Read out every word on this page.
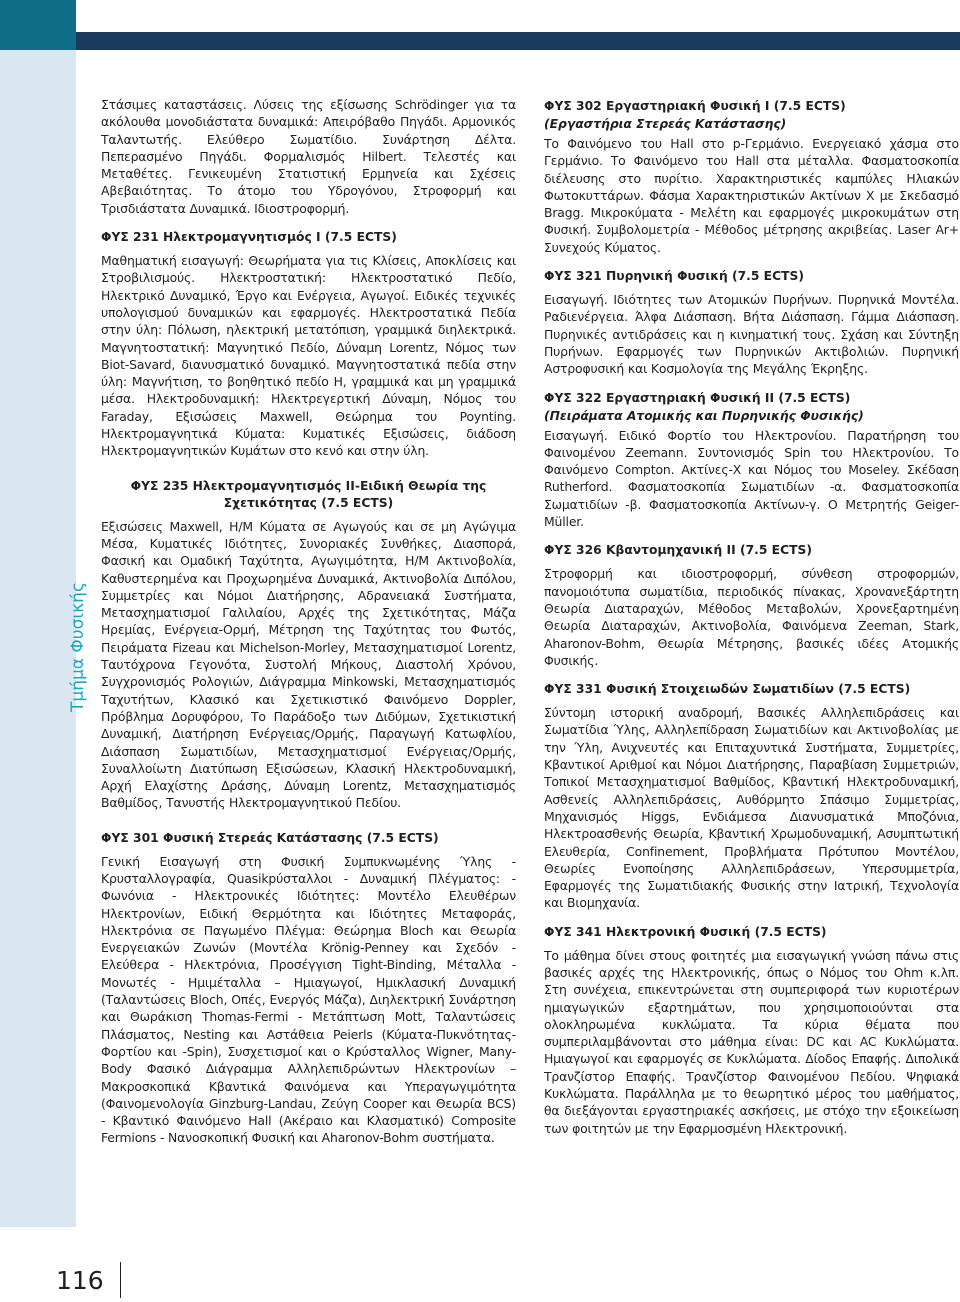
Τμήμα Φυσικής
Στάσιμες καταστάσεις. Λύσεις της εξίσωσης Schrödinger για τα ακόλουθα μονοδιάστατα δυναμικά: Απειρόβαθο Πηγάδι. Αρμονικός Ταλαντωτής. Ελεύθερο Σωματίδιο. Συνάρτηση Δέλτα. Πεπερασμένο Πηγάδι. Φορμαλισμός Hilbert. Τελεστές και Μεταθέτες. Γενικευμένη Στατιστική Ερμηνεία και Σχέσεις Αβεβαιότητας. Το άτομο του Υδρογόνου, Στροφορμή και Τρισδιάστατα Δυναμικά. Ιδιοστροφορμή.
ΦΥΣ 231 Ηλεκτρομαγνητισμός Ι (7.5 ECTS)
Μαθηματική εισαγωγή: Θεωρήματα για τις Κλίσεις, Αποκλίσεις και Στροβιλισμούς. Ηλεκτροστατική: Ηλεκτροστατικό Πεδίο, Ηλεκτρικό Δυναμικό, Έργο και Ενέργεια, Αγωγοί. Ειδικές τεχνικές υπολογισμού δυναμικών και εφαρμογές. Ηλεκτροστατικά Πεδία στην ύλη: Πόλωση, ηλεκτρική μετατόπιση, γραμμικά διηλεκτρικά. Μαγνητοστατική: Μαγνητικό Πεδίο, Δύναμη Lorentz, Νόμος των Biot-Savard, διανυσματικό δυναμικό. Μαγνητοστατικά πεδία στην ύλη: Μαγνήτιση, το βοηθητικό πεδίο Η, γραμμικά και μη γραμμικά μέσα. Ηλεκτροδυναμική: Ηλεκτρεγερτική Δύναμη, Νόμος του Faraday, Εξισώσεις Maxwell, Θεώρημα του Poynting. Ηλεκτρομαγνητικά Κύματα: Κυματικές Εξισώσεις, διάδοση Ηλεκτρομαγνητικών Κυμάτων στο κενό και στην ύλη.
ΦΥΣ 235 Ηλεκτρομαγνητισμός ΙΙ-Ειδική Θεωρία της Σχετικότητας (7.5 ECTS)
Εξισώσεις Maxwell, Η/Μ Κύματα σε Αγωγούς και σε μη Αγώγιμα Μέσα, Κυματικές Ιδιότητες, Συνοριακές Συνθήκες, Διασπορά, Φασική και Ομαδική Ταχύτητα, Αγωγιμότητα, Η/Μ Ακτινοβολία, Καθυστερημένα και Προχωρημένα Δυναμικά, Ακτινοβολία Διπόλου, Συμμετρίες και Νόμοι Διατήρησης, Αδρανειακά Συστήματα, Μετασχηματισμοί Γαλιλαίου, Αρχές της Σχετικότητας, Μάζα Ηρεμίας, Ενέργεια-Ορμή, Μέτρηση της Ταχύτητας του Φωτός, Πειράματα Fizeau και Michelson-Morley, Μετασχηματισμοί Lorentz, Ταυτόχρονα Γεγονότα, Συστολή Μήκους, Διαστολή Χρόνου, Συγχρονισμός Ρολογιών, Διάγραμμα Minkowski, Μετασχηματισμός Ταχυτήτων, Κλασικό και Σχετικιστικό Φαινόμενο Doppler, Πρόβλημα Δορυφόρου, Το Παράδοξο των Διδύμων, Σχετικιστική Δυναμική, Διατήρηση Ενέργειας/Ορμής, Παραγωγή Κατωφλίου, Διάσπαση Σωματιδίων, Μετασχηματισμοί Ενέργειας/Ορμής, Συναλλοίωτη Διατύπωση Εξισώσεων, Κλασική Ηλεκτροδυναμική, Αρχή Ελαχίστης Δράσης, Δύναμη Lorentz, Μετασχηματισμός Βαθμίδος, Τανυστής Ηλεκτρομαγνητικού Πεδίου.
ΦΥΣ 301 Φυσική Στερεάς Κατάστασης (7.5 ECTS)
Γενική Εισαγωγή στη Φυσική Συμπυκνωμένης Ύλης - Κρυσταλλογραφία, Quasikpύσταλλοι - Δυναμική Πλέγματος: - Φωνόνια - Ηλεκτρονικές Ιδιότητες: Μοντέλο Ελευθέρων Ηλεκτρονίων, Ειδική Θερμότητα και Ιδιότητες Μεταφοράς, Ηλεκτρόνια σε Παγωμένο Πλέγμα: Θεώρημα Bloch και Θεωρία Ενεργειακών Ζωνών (Μοντέλα Krönig-Penney και Σχεδόν - Ελεύθερα - Ηλεκτρόνια, Προσέγγιση Tight-Binding, Μέταλλα - Μονωτές - Ημιμέταλλα – Ημιαγωγοί, Ημικλασική Δυναμική (Ταλαντώσεις Bloch, Οπές, Ενεργός Μάζα), Διηλεκτρική Συνάρτηση και Θωράκιση Thomas-Fermi - Μετάπτωση Mott, Ταλαντώσεις Πλάσματος, Nesting και Αστάθεια Peierls (Κύματα-Πυκνότητας-Φορτίου και -Spin), Συσχετισμοί και ο Κρύσταλλος Wigner, Many-Body Φασικό Διάγραμμα Αλληλεπιδρώντων Ηλεκτρονίων – Μακροσκοπικά Κβαντικά Φαινόμενα και Υπεραγωγιμότητα (Φαινομενολογία Ginzburg-Landau, Ζεύγη Cooper και Θεωρία BCS) - Κβαντικό Φαινόμενο Hall (Ακέραιο και Κλασματικό) Composite Fermions - Νανοσκοπική Φυσική και Aharonov-Bohm συστήματα.
ΦΥΣ 302 Εργαστηριακή Φυσική Ι (7.5 ECTS)
(Εργαστήρια Στερεάς Κατάστασης)
Το Φαινόμενο του Hall στο p-Γερμάνιο. Ενεργειακό χάσμα στο Γερμάνιο. Το Φαινόμενο του Hall στα μέταλλα. Φασματοσκοπία διέλευσης στο πυρίτιο. Χαρακτηριστικές καμπύλες Ηλιακών Φωτοκυττάρων. Φάσμα Χαρακτηριστικών Ακτίνων Χ με Σκεδασμό Bragg. Μικροκύματα - Μελέτη και εφαρμογές μικροκυμάτων στη Φυσική. Συμβολομετρία - Μέθοδος μέτρησης ακριβείας. Laser Ar+ Συνεχούς Κύματος.
ΦΥΣ 321 Πυρηνική Φυσική (7.5 ECTS)
Εισαγωγή. Ιδιότητες των Ατομικών Πυρήνων. Πυρηνικά Μοντέλα. Ραδιενέργεια. Άλφα Διάσπαση. Βήτα Διάσπαση. Γάμμα Διάσπαση. Πυρηνικές αντιδράσεις και η κινηματική τους. Σχάση και Σύντηξη Πυρήνων. Εφαρμογές των Πυρηνικών Ακτιβολιών. Πυρηνική Αστροφυσική και Κοσμολογία της Μεγάλης Έκρηξης.
ΦΥΣ 322 Εργαστηριακή Φυσική ΙΙ (7.5 ECTS)
(Πειράματα Ατομικής και Πυρηνικής Φυσικής)
Εισαγωγή. Ειδικό Φορτίο του Ηλεκτρονίου. Παρατήρηση του Φαινομένου Zeemann. Συντονισμός Spin του Ηλεκτρονίου. Το Φαινόμενο Compton. Ακτίνες-Χ και Νόμος του Moseley. Σκέδαση Rutherford. Φασματοσκοπία Σωματιδίων -α. Φασματοσκοπία Σωματιδίων -β. Φασματοσκοπία Ακτίνων-γ. Ο Μετρητής Geiger-Müller.
ΦΥΣ 326 Κβαντομηχανική ΙΙ (7.5 ECTS)
Στροφορμή και ιδιοστροφορμή, σύνθεση στροφορμών, πανομοιότυπα σωματίδια, περιοδικός πίνακας, Χρονανεξάρτητη Θεωρία Διαταραχών, Μέθοδος Μεταβολών, Χρονεξαρτημένη Θεωρία Διαταραχών, Ακτινοβολία, Φαινόμενα Zeeman, Stark, Aharonov-Bohm, Θεωρία Μέτρησης, βασικές ιδέες Ατομικής Φυσικής.
ΦΥΣ 331 Φυσική Στοιχειωδών Σωματιδίων (7.5 ECTS)
Σύντομη ιστορική αναδρομή, Βασικές Αλληλεπιδράσεις και Σωματίδια Ύλης, Αλληλεπίδραση Σωματιδίων και Ακτινοβολίας με την Ύλη, Ανιχνευτές και Επιταχυντικά Συστήματα, Συμμετρίες, Κβαντικοί Αριθμοί και Νόμοι Διατήρησης, Παραβίαση Συμμετριών, Τοπικοί Μετασχηματισμοί Βαθμίδος, Κβαντική Ηλεκτροδυναμική, Ασθενείς Αλληλεπιδράσεις, Αυθόρμητο Σπάσιμο Συμμετρίας, Μηχανισμός Higgs, Ενδιάμεσα Διανυσματικά Μποζόνια, Ηλεκτρoασθενής Θεωρία, Κβαντική Χρωμοδυναμική, Ασυμπτωτική Ελευθερία, Confinement, Προβλήματα Πρότυπου Μοντέλου, Θεωρίες Ενοποίησης Αλληλεπιδράσεων, Υπερσυμμετρία, Εφαρμογές της Σωματιδιακής Φυσικής στην Ιατρική, Τεχνολογία και Βιομηχανία.
ΦΥΣ 341 Ηλεκτρονική Φυσική (7.5 ECTS)
Το μάθημα δίνει στους φοιτητές μια εισαγωγική γνώση πάνω στις βασικές αρχές της Ηλεκτρονικής, όπως ο Νόμος του Ohm κ.λπ. Στη συνέχεια, επικεντρώνεται στη συμπεριφορά των κυριοτέρων ημιαγωγικών εξαρτημάτων, που χρησιμοποιούνται στα ολοκληρωμένα κυκλώματα. Τα κύρια θέματα που συμπεριλαμβάνονται στο μάθημα είναι: DC και AC Κυκλώματα. Ημιαγωγοί και εφαρμογές σε Κυκλώματα. Δίοδος Επαφής. Διπολικά Τρανζίστορ Επαφής. Τρανζίστορ Φαινομένου Πεδίου. Ψηφιακά Κυκλώματα. Παράλληλα με το θεωρητικό μέρος του μαθήματος, θα διεξάγονται εργαστηριακές ασκήσεις, με στόχο την εξοικείωση των φοιτητών με την Εφαρμοσμένη Ηλεκτρονική.
116
